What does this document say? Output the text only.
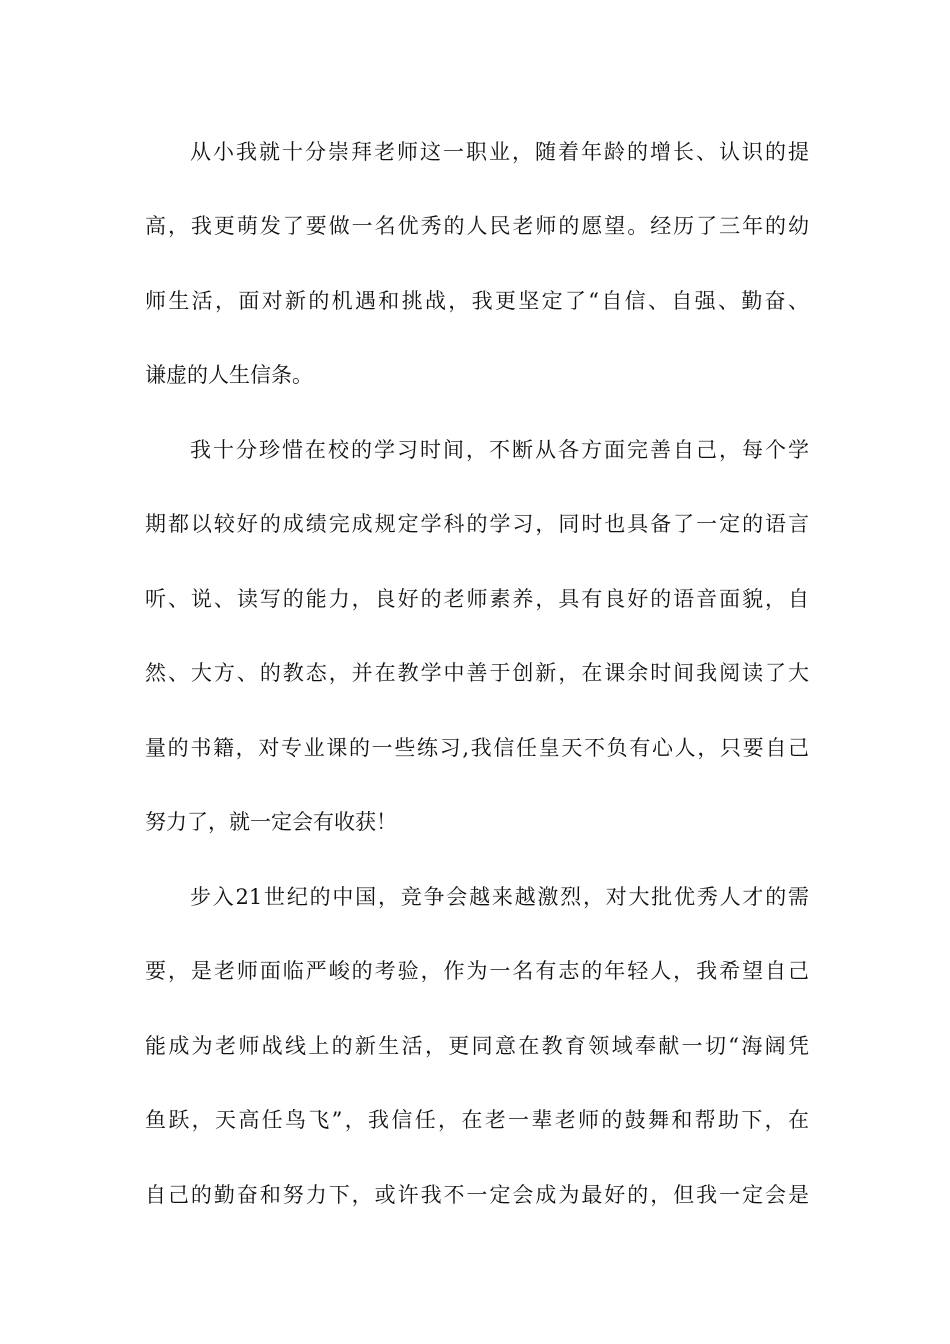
从小我就十分崇拜老师这一职业，随着年龄的增长、认识的提
高，我更萌发了要做一名优秀的人民老师的愿望。经历了三年的幼
师生活，面对新的机遇和挑战，我更坚定了“自信、自强、勤奋、
谦虚的人生信条。
我十分珍惜在校的学习时间，不断从各方面完善自己，每个学
期都以较好的成绩完成规定学科的学习，同时也具备了一定的语言
听、说、读写的能力，良好的老师素养，具有良好的语音面貌，自
然、大方、的教态，并在教学中善于创新，在课余时间我阅读了大
量的书籍，对专业课的一些练习,我信任皇天不负有心人，只要自己
努力了，就一定会有收获！
步入21世纪的中国，竞争会越来越激烈，对大批优秀人才的需
要，是老师面临严峻的考验，作为一名有志的年轻人，我希望自己
能成为老师战线上的新生活，更同意在教育领域奉献一切“海阔凭
鱼跃，天高任鸟飞”，我信任，在老一辈老师的鼓舞和帮助下，在
自己的勤奋和努力下，或许我不一定会成为最好的，但我一定会是
